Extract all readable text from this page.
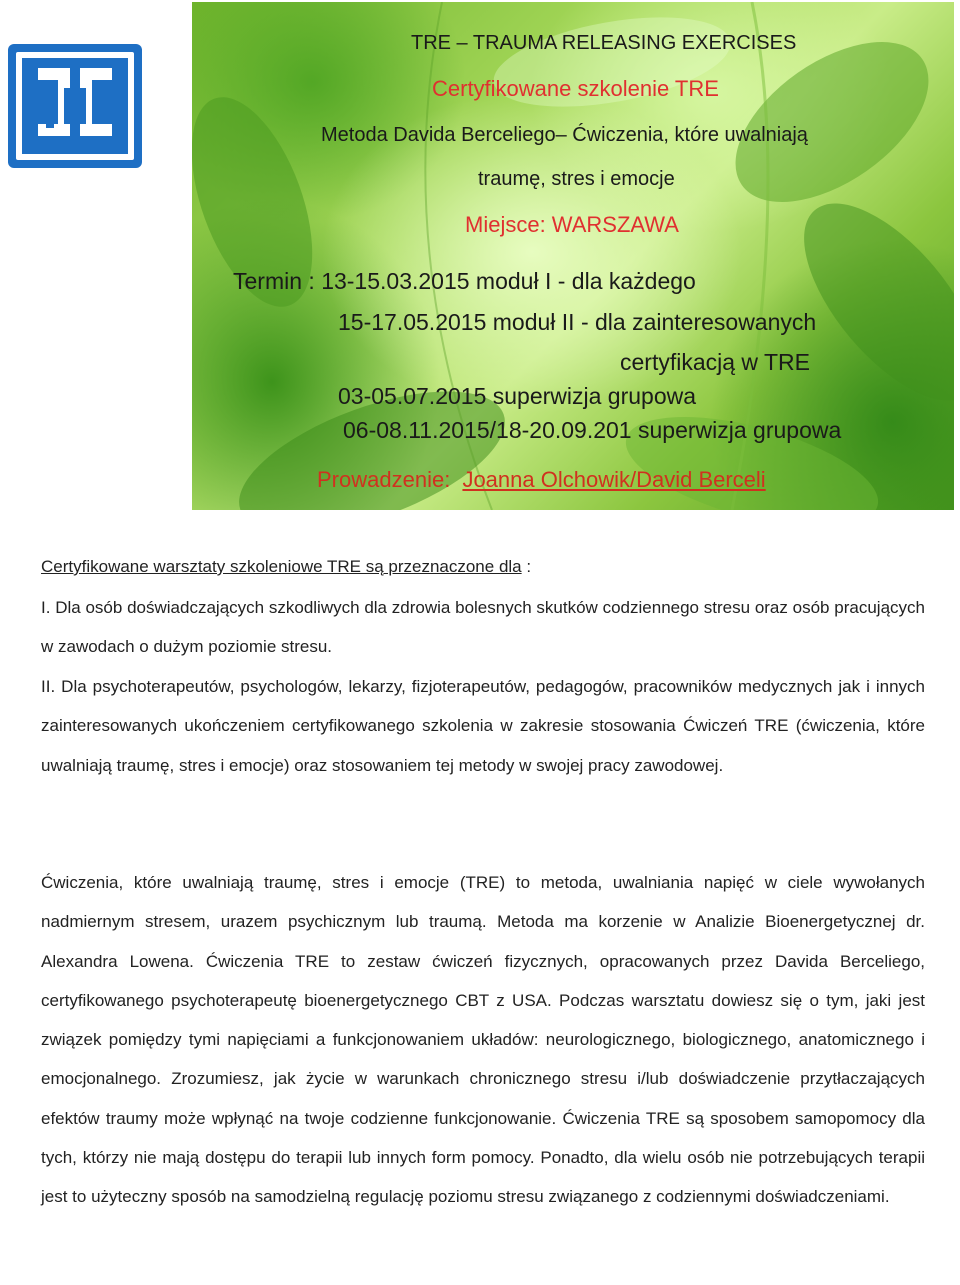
TRE – TRAUMA RELEASING EXERCISES
Certyfikowane szkolenie TRE
Metoda Davida Berceliego– Ćwiczenia, które uwalniają
traumę, stres i emocje
Miejsce: WARSZAWA
Termin : 13-15.03.2015 moduł I - dla każdego
15-17.05.2015 moduł II - dla zainteresowanych
certyfikacją w TRE
03-05.07.2015 superwizja grupowa
06-08.11.2015/18-20.09.201 superwizja grupowa
Prowadzenie: Joanna Olchowik/David Berceli
Certyfikowane warsztaty szkoleniowe TRE są przeznaczone dla :
I. Dla osób doświadczających szkodliwych dla zdrowia bolesnych skutków codziennego stresu oraz osób pracujących w zawodach o dużym poziomie stresu.
II. Dla psychoterapeutów, psychologów, lekarzy, fizjoterapeutów, pedagogów, pracowników medycznych jak i innych zainteresowanych ukończeniem certyfikowanego szkolenia w zakresie stosowania Ćwiczeń TRE (ćwiczenia, które uwalniają traumę, stres i emocje) oraz stosowaniem tej metody w swojej pracy zawodowej.
Ćwiczenia, które uwalniają traumę, stres i emocje (TRE) to metoda, uwalniania napięć w ciele wywołanych nadmiernym stresem, urazem psychicznym lub traumą. Metoda ma korzenie w Analizie Bioenergetycznej dr. Alexandra Lowena. Ćwiczenia TRE to zestaw ćwiczeń fizycznych, opracowanych przez Davida Berceliego, certyfikowanego psychoterapeutę bioenergetycznego CBT z USA. Podczas warsztatu dowiesz się o tym, jaki jest związek pomiędzy tymi napięciami a funkcjonowaniem układów: neurologicznego, biologicznego, anatomicznego i emocjonalnego. Zrozumiesz, jak życie w warunkach chronicznego stresu i/lub doświadczenie przytłaczających efektów traumy może wpłynąć na twoje codzienne funkcjonowanie. Ćwiczenia TRE są sposobem samopomocy dla tych, którzy nie mają dostępu do terapii lub innych form pomocy. Ponadto, dla wielu osób nie potrzebujących terapii jest to użyteczny sposób na samodzielną regulację poziomu stresu związanego z codziennymi doświadczeniami.
